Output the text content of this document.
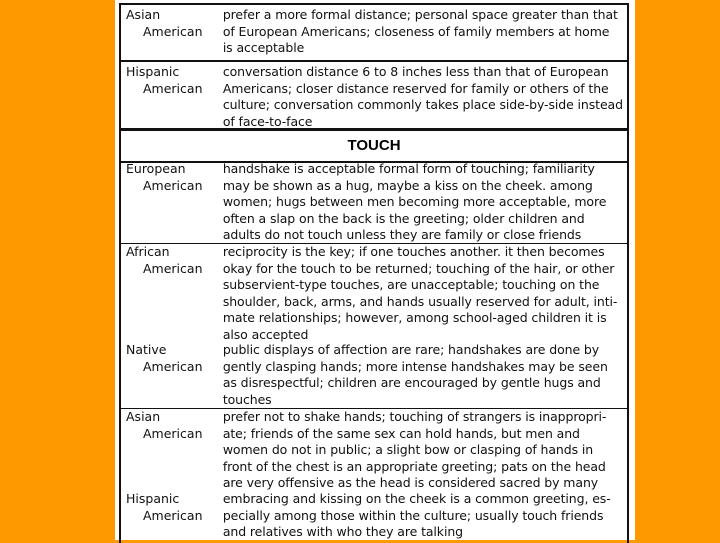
Asian
American
prefer a more formal distance; personal space greater than that
of European Americans; closeness of family members at home
is acceptable
Hispanic
American
conversation distance 6 to 8 inches less than that of European
Americans; closer distance reserved for family or others of the
culture; conversation commonly takes place side-by-side instead
of face-to-face
TOUCH
European
American
handshake is acceptable formal form of touching; familiarity
may be shown as a hug, maybe a kiss on the cheek. among
women; hugs between men becoming more acceptable, more
often a slap on the back is the greeting; older children and
adults do not touch unless they are family or close friends
African
American
reciprocity is the key; if one touches another. it then becomes
okay for the touch to be returned; touching of the hair, or other
subservient-type touches, are unacceptable; touching on the
shoulder, back, arms, and hands usually reserved for adult, inti-
mate relationships; however, among school-aged children it is
also accepted
Native
American
public displays of affection are rare; handshakes are done by
gently clasping hands; more intense handshakes may be seen
as disrespectful; children are encouraged by gentle hugs and
touches
Asian
American
prefer not to shake hands; touching of strangers is inappropri-
ate; friends of the same sex can hold hands, but men and
women do not in public; a slight bow or clasping of hands in
front of the chest is an appropriate greeting; pats on the head
are very offensive as the head is considered sacred by many
Hispanic
American
embracing and kissing on the cheek is a common greeting, es-
pecially among those within the culture; usually touch friends
and relatives with who they are talking
